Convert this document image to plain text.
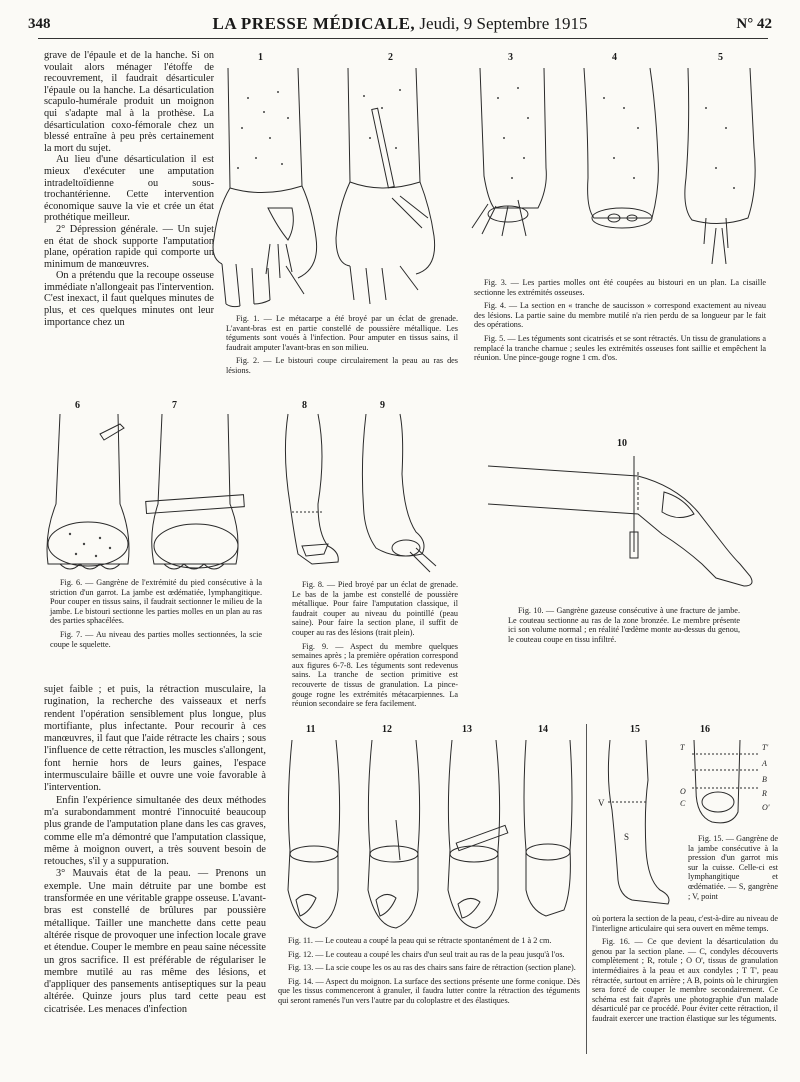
348	LA PRESSE MÉDICALE, Jeudi, 9 Septembre 1915	N° 42

grave de l'épaule et de la hanche. Si on voulait alors ménager l'étoffe de recouvrement, il faudrait désarticuler l'épaule ou la hanche. La désarticulation scapulo-humérale produit un moignon qui s'adapte mal à la prothèse. La désarticulation coxo-fémorale chez un blessé entraîne à peu près certainement la mort du sujet.

Au lieu d'une désarticulation il est mieux d'exécuter une amputation intradeltoïdienne ou sous-trochantérienne. Cette intervention économique sauve la vie et crée un état prothétique meilleur.

2° Dépression générale. — Un sujet en état de shock supporte l'amputation plane, opération rapide qui comporte un minimum de manœuvres.

On a prétendu que la recoupe osseuse immédiate n'allongeait pas l'intervention. C'est inexact, il faut quelques minutes de plus, et ces quelques minutes ont leur importance chez un

sujet faible ; et puis, la rétraction musculaire, la rugination, la recherche des vaisseaux et nerfs rendent l'opération sensiblement plus longue, plus mortifiante, plus infectante. Pour recourir à ces manœuvres, il faut que l'aide rétracte les chairs ; sous l'influence de cette rétraction, les muscles s'allongent, font hernie hors de leurs gaines, l'espace intermusculaire bâille et ouvre une voie favorable à l'intervention.

Enfin l'expérience simultanée des deux méthodes m'a surabondamment montré l'innocuité beaucoup plus grande de l'amputation plane dans les cas graves, comme elle m'a démontré que l'amputation classique, même à moignon ouvert, a très souvent besoin de retouches, s'il y a suppuration.

3° Mauvais état de la peau. — Prenons un exemple. Une main détruite par une bombe est transformée en une véritable grappe osseuse. L'avant-bras est constellé de brûlures par poussière métallique. Tailler une manchette dans cette peau altérée risque de provoquer une infection locale grave et étendue. Couper le membre en peau saine nécessite un gros sacrifice. Il est préférable de régulariser le membre mutilé au ras même des lésions, et d'appliquer des pansements antiseptiques sur la peau altérée. Quinze jours plus tard cette peau est cicatrisée. Les menaces d'infection

1	2	3	4	5
6	7	8	9
10
11	12	13	14	15	16

Fig. 1. — Le métacarpe a été broyé par un éclat de grenade. L'avant-bras est en partie constellé de poussière métallique. Les téguments sont voués à l'infection. Pour amputer en tissus sains, il faudrait amputer l'avant-bras en son milieu.

Fig. 2. — Le bistouri coupe circulairement la peau au ras des lésions.

Fig. 3. — Les parties molles ont été coupées au bistouri en un plan. La cisaille sectionne les extrémités osseuses.

Fig. 4. — La section en « tranche de saucisson » correspond exactement au niveau des lésions. La partie saine du membre mutilé n'a rien perdu de sa longueur par le fait des opérations.

Fig. 5. — Les téguments sont cicatrisés et se sont rétractés. Un tissu de granulations a remplacé la tranche charnue ; seules les extrémités osseuses font saillie et empêchent la réunion. Une pince-gouge rogne 1 cm. d'os.

Fig. 6. — Gangrène de l'extrémité du pied consécutive à la striction d'un garrot. La jambe est œdématiée, lymphangitique. Pour couper en tissus sains, il faudrait sectionner le milieu de la jambe. Le bistouri sectionne les parties molles en un plan au ras des parties sphacélées.

Fig. 7. — Au niveau des parties molles sectionnées, la scie coupe le squelette.

Fig. 8. — Pied broyé par un éclat de grenade. Le bas de la jambe est constellé de poussière métallique. Pour faire l'amputation classique, il faudrait couper au niveau du pointillé (peau saine). Pour faire la section plane, il suffit de couper au ras des lésions (trait plein).

Fig. 9. — Aspect du membre quelques semaines après ; la première opération correspond aux figures 6-7-8. Les téguments sont redevenus sains. La tranche de section primitive est recouverte de tissus de granulation. La pince-gouge rogne les extrémités métacarpiennes. La réunion secondaire se fera facilement.

Fig. 10. — Gangrène gazeuse consécutive à une fracture de jambe. Le couteau sectionne au ras de la zone bronzée. Le membre présente ici son volume normal ; en réalité l'œdème monte au-dessus du genou, le couteau coupe en tissu infiltré.

Fig. 11. — Le couteau a coupé la peau qui se rétracte spontanément de 1 à 2 cm.

Fig. 12. — Le couteau a coupé les chairs d'un seul trait au ras de la peau jusqu'à l'os.

Fig. 13. — La scie coupe les os au ras des chairs sans faire de rétraction (section plane).

Fig. 14. — Aspect du moignon. La surface des sections présente une forme conique. Dès que les tissus commenceront à granuler, il faudra lutter contre la rétraction des téguments qui seront ramenés l'un vers l'autre par du coloplastre et des élastiques.

V
S
T	T'
A
B
R
O
O'
C

Fig. 15. — Gangrène de la jambe consécutive à la pression d'un garrot mis sur la cuisse. Celle-ci est lymphangitique et œdématiée. — S, gangrène ; V, point

où portera la section de la peau, c'est-à-dire au niveau de l'interligne articulaire qui sera ouvert en même temps.

Fig. 16. — Ce que devient la désarticulation du genou par la section plane. — C, condyles découverts complètement ; R, rotule ; O O', tissus de granulation intermédiaires à la peau et aux condyles ; T T', peau rétractée, surtout en arrière ; A B, points où le chirurgien sera forcé de couper le membre secondairement. Ce schéma est fait d'après une photographie d'un malade désarticulé par ce procédé. Pour éviter cette rétraction, il faudrait exercer une traction élastique sur les téguments.
